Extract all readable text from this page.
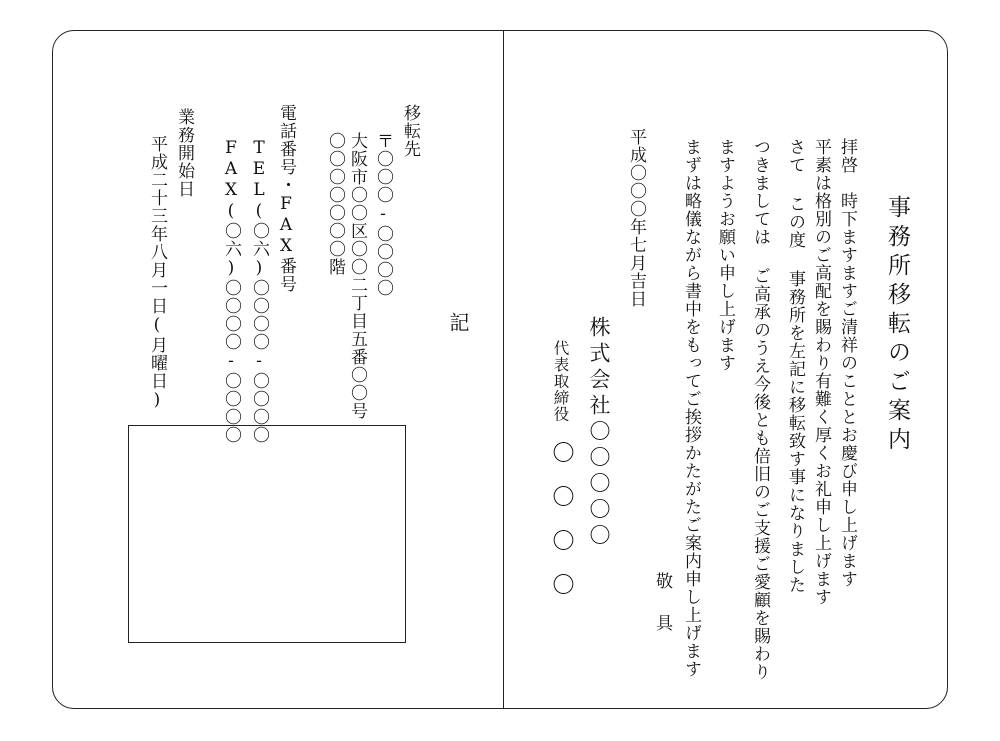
事務所移転のご案内
拝啓　時下ますますご清祥のこととお慶び申し上げます
平素は格別のご高配を賜わり有難く厚くお礼申し上げます
さて この度 事務所を左記に移転致す事になりました
つきましては ご高承のうえ今後とも倍旧のご支援ご愛顧を賜わり
ますようお願い申し上げます
まずは略儀ながら書中をもってご挨拶かたがたご案内申し上げます
敬　具
平成〇〇〇年七月吉日
株式会社〇〇〇〇〇
代表取締役
〇〇〇〇
記
移転先
〒〇〇〇-〇〇〇〇
大阪市〇〇区〇〇二丁目五番〇〇号
〇〇〇〇〇〇〇階
電話番号・FAX番号
TEL(〇六)〇〇〇〇-〇〇〇〇
FAX(〇六)〇〇〇〇-〇〇〇〇
業務開始日
平成二十三年八月一日(月曜日)
